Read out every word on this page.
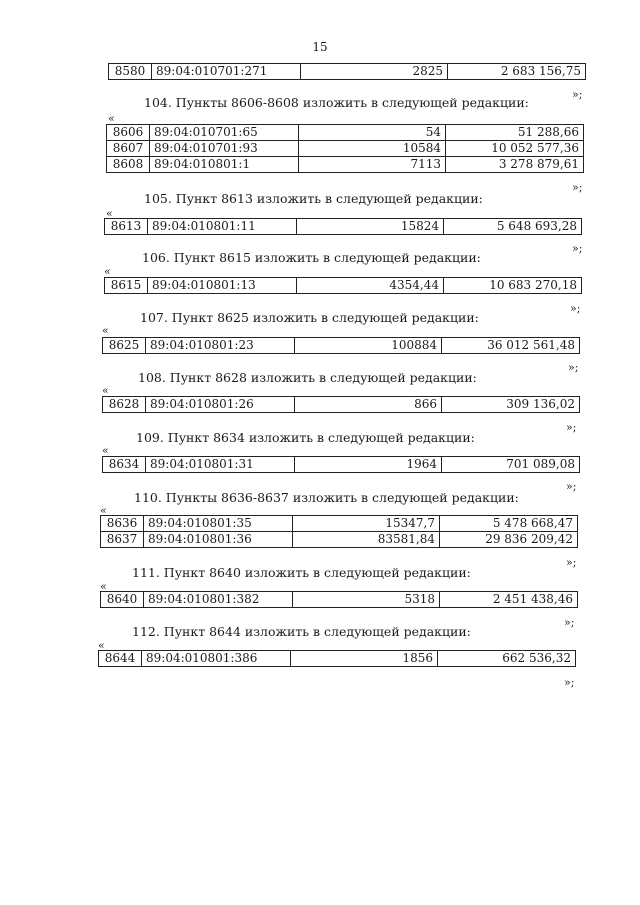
15
8580	89:04:010701:271	2825	2 683 156,75
»;
104. Пункты 8606-8608 изложить в следующей редакции:
«
8606	89:04:010701:65	54	51 288,66
8607	89:04:010701:93	10584	10 052 577,36
8608	89:04:010801:1	7113	3 278 879,61
»;
105. Пункт 8613 изложить в следующей редакции:
«
8613	89:04:010801:11	15824	5 648 693,28
»;
106. Пункт 8615 изложить в следующей редакции:
«
8615	89:04:010801:13	4354,44	10 683 270,18
»;
107. Пункт 8625 изложить в следующей редакции:
«
8625	89:04:010801:23	100884	36 012 561,48
»;
108. Пункт 8628 изложить в следующей редакции:
«
8628	89:04:010801:26	866	309 136,02
»;
109. Пункт 8634 изложить в следующей редакции:
«
8634	89:04:010801:31	1964	701 089,08
»;
110. Пункты 8636-8637 изложить в следующей редакции:
«
8636	89:04:010801:35	15347,7	5 478 668,47
8637	89:04:010801:36	83581,84	29 836 209,42
»;
111. Пункт 8640 изложить в следующей редакции:
«
8640	89:04:010801:382	5318	2 451 438,46
»;
112. Пункт 8644 изложить в следующей редакции:
«
8644	89:04:010801:386	1856	662 536,32
»;
